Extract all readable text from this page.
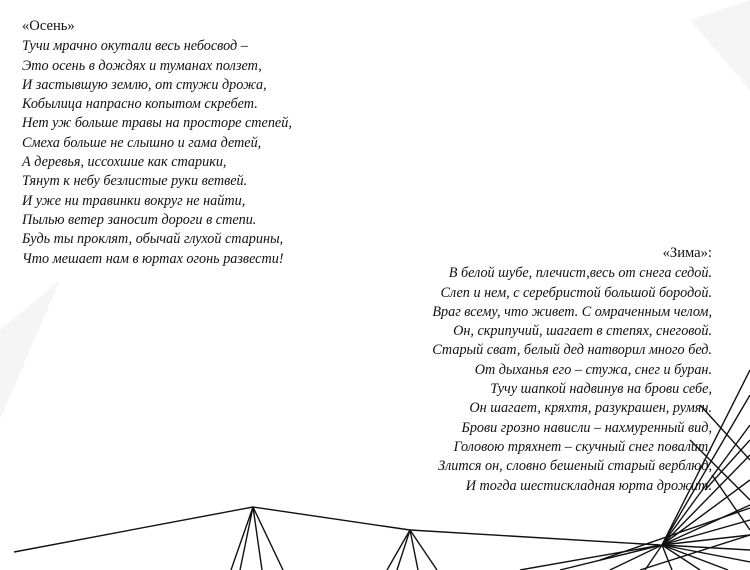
«Осень»
Тучи мрачно окутали весь небосвод –
Это осень в дождях и туманах ползет,
И застывшую землю, от стужи дрожа,
Кобылица напрасно копытом скребет.
Нет уж больше травы на просторе степей,
Смеха больше не слышно и гама детей,
А деревья, иссохшие как старики,
Тянут к небу безлистые руки ветвей.
И уже ни травинки вокруг не найти,
Пылью ветер заносит дороги в степи.
Будь ты проклят, обычай глухой старины,
Что мешает нам в юртах огонь развести!	«Зима»:
В белой шубе, плечист,весь от снега седой.
Слеп и нем, с серебристой большой бородой.
Враг всему, что живет. С омраченным челом,
Он, скрипучий, шагает в степях, снеговой.
Старый сват, белый дед натворил много бед.
От дыханья его – стужа, снег и буран.
Тучу шапкой надвинув на брови себе,
Он шагает, кряхтя, разукрашен, румян.
Брови грозно нависли – нахмуренный вид,
Головою тряхнет – скучный снег повалит.
Злится он, словно бешеный старый верблюд,
И тогда шестискладная юрта дрожит.
